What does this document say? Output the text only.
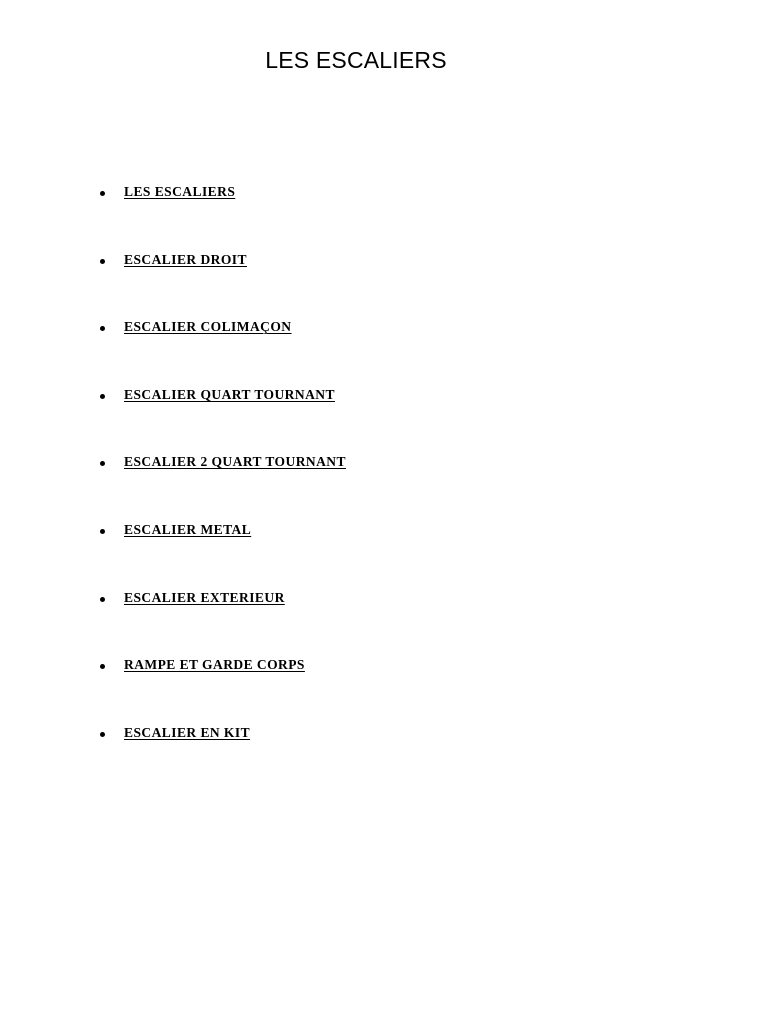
LES ESCALIERS
LES ESCALIERS
ESCALIER DROIT
ESCALIER COLIMAÇON
ESCALIER QUART TOURNANT
ESCALIER 2 QUART TOURNANT
ESCALIER METAL
ESCALIER EXTERIEUR
RAMPE ET GARDE CORPS
ESCALIER EN KIT
